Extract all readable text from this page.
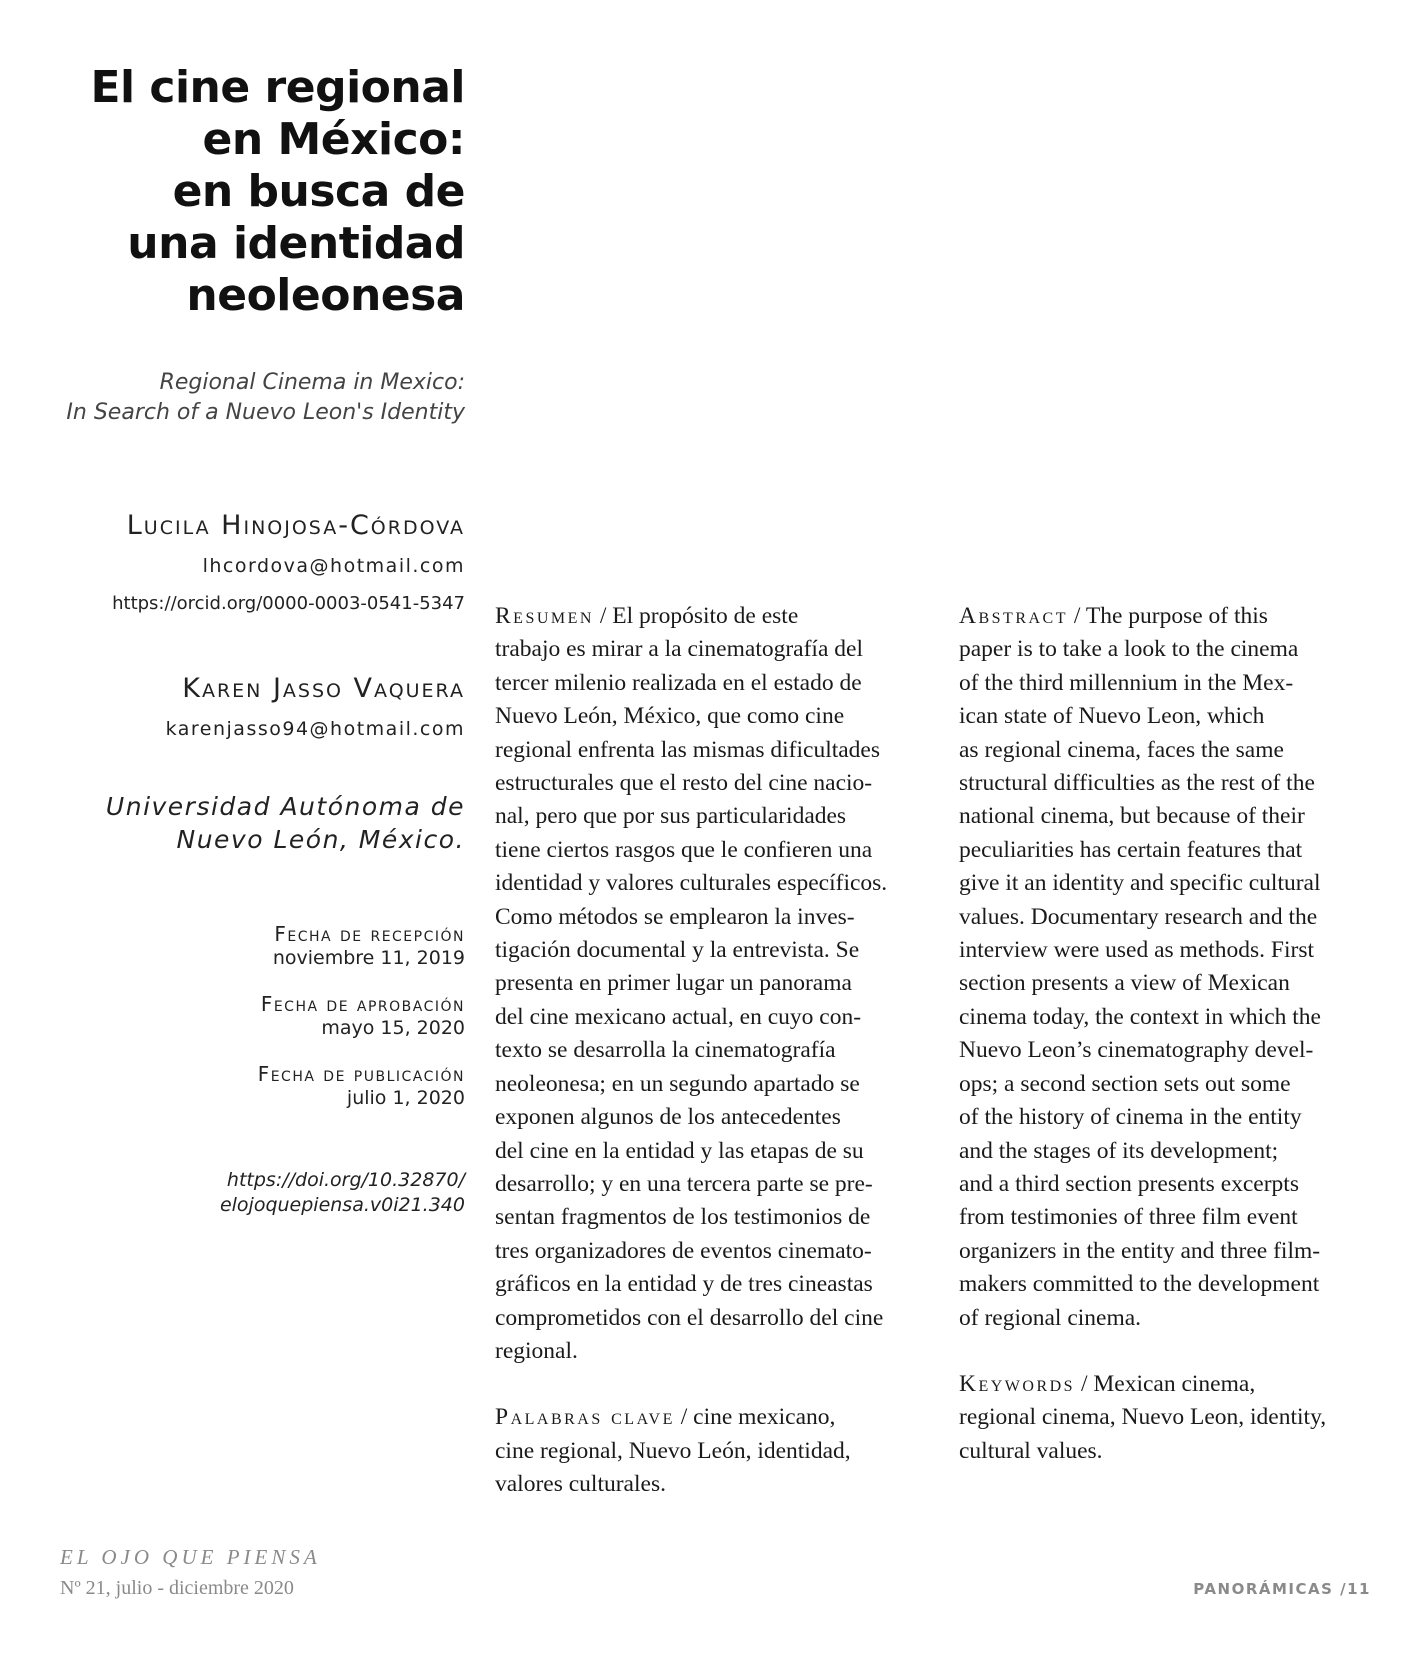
El cine regional
en México:
en busca de
una identidad
neoleonesa
Regional Cinema in Mexico:
In Search of a Nuevo Leon's Identity
Lucila Hinojosa-Córdova
lhcordova@hotmail.com
https://orcid.org/0000-0003-0541-5347
Karen Jasso Vaquera
karenjasso94@hotmail.com
Universidad Autónoma de
Nuevo León, México.
Fecha de recepción
noviembre 11, 2019
Fecha de aprobación
mayo 15, 2020
Fecha de publicación
julio 1, 2020
https://doi.org/10.32870/
elojoquepiensa.v0i21.340
Resumen / El propósito de este
trabajo es mirar a la cinematografía del
tercer milenio realizada en el estado de
Nuevo León, México, que como cine
regional enfrenta las mismas dificultades
estructurales que el resto del cine nacio-
nal, pero que por sus particularidades
tiene ciertos rasgos que le confieren una
identidad y valores culturales específicos.
Como métodos se emplearon la inves-
tigación documental y la entrevista. Se
presenta en primer lugar un panorama
del cine mexicano actual, en cuyo con-
texto se desarrolla la cinematografía
neoleonesa; en un segundo apartado se
exponen algunos de los antecedentes
del cine en la entidad y las etapas de su
desarrollo; y en una tercera parte se pre-
sentan fragmentos de los testimonios de
tres organizadores de eventos cinemato-
gráficos en la entidad y de tres cineastas
comprometidos con el desarrollo del cine
regional.
Palabras clave / cine mexicano,
cine regional, Nuevo León, identidad,
valores culturales.
Abstract / The purpose of this
paper is to take a look to the cinema
of the third millennium in the Mex-
ican state of Nuevo Leon, which
as regional cinema, faces the same
structural difficulties as the rest of the
national cinema, but because of their
peculiarities has certain features that
give it an identity and specific cultural
values. Documentary research and the
interview were used as methods. First
section presents a view of Mexican
cinema today, the context in which the
Nuevo Leon’s cinematography devel-
ops; a second section sets out some
of the history of cinema in the entity
and the stages of its development;
and a third section presents excerpts
from testimonies of three film event
organizers in the entity and three film-
makers committed to the development
of regional cinema.
Keywords / Mexican cinema,
regional cinema, Nuevo Leon, identity,
cultural values.
EL OJO QUE PIENSA
Nº 21, julio - diciembre 2020	PANORÁMICAS /11
